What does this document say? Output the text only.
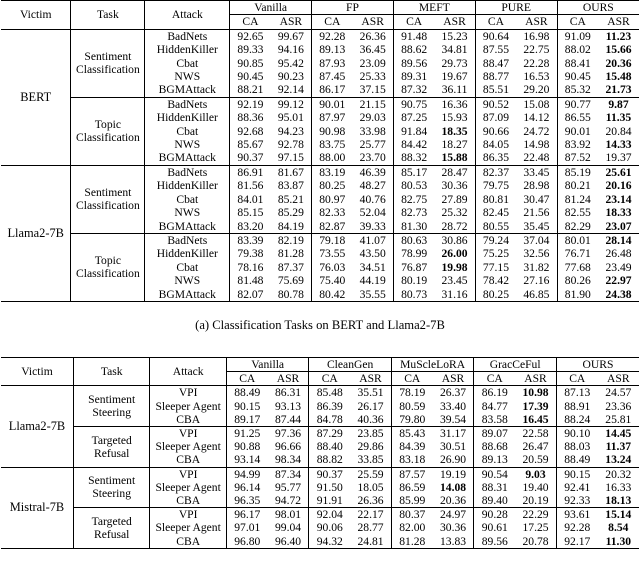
Victim	Task	Attack	Vanilla		FP		MEFT		PURE		OURS	
			CA	ASR	CA	ASR	CA	ASR	CA	ASR	CA	ASR
BERT	Sentiment
Classification	BadNets	92.65	99.67	92.28	26.36	91.48	15.23	90.64	16.98	91.09	11.23
		HiddenKiller	89.33	94.16	89.13	36.45	88.62	34.81	87.55	22.75	88.02	15.66
		Cbat	90.85	95.42	87.93	23.09	89.56	29.73	88.47	22.28	88.41	20.36
		NWS	90.45	90.23	87.45	25.33	89.31	19.67	88.77	16.53	90.45	15.48
		BGMAttack	88.21	92.14	86.17	37.15	87.32	36.11	85.51	29.20	85.32	21.73
	Topic
Classification	BadNets	92.19	99.12	90.01	21.15	90.75	16.36	90.52	15.08	90.77	9.87
		HiddenKiller	88.36	95.01	87.97	29.03	87.25	15.93	87.09	14.12	86.55	11.35
		Cbat	92.68	94.23	90.98	33.98	91.84	18.35	90.66	24.72	90.01	20.84
		NWS	85.67	92.78	83.75	25.77	84.42	18.27	84.05	14.98	83.92	14.33
		BGMAttack	90.37	97.15	88.00	23.70	88.32	15.88	86.35	22.48	87.52	19.37
Llama2-7B	Sentiment
Classification	BadNets	86.91	81.67	83.19	46.39	85.17	28.47	82.37	33.45	85.19	25.61
		HiddenKiller	81.56	83.87	80.25	48.27	80.53	30.36	79.75	28.98	80.21	20.16
		Cbat	84.01	85.21	80.97	40.76	82.75	27.89	80.81	30.47	81.24	23.14
		NWS	85.15	85.29	82.33	52.04	82.73	25.32	82.45	21.56	82.55	18.33
		BGMAttack	83.20	84.19	82.87	39.33	81.30	28.72	80.55	35.45	82.29	23.07
	Topic
Classification	BadNets	83.39	82.19	79.18	41.07	80.63	30.86	79.24	37.04	80.01	28.14
		HiddenKiller	79.38	81.28	73.55	43.50	78.99	26.00	75.25	32.56	76.71	26.48
		Cbat	78.16	87.37	76.03	34.51	76.87	19.98	77.15	31.82	77.68	23.49
		NWS	81.48	75.69	75.40	44.19	80.19	23.45	78.42	27.16	80.26	22.97
		BGMAttack	82.07	80.78	80.42	35.55	80.73	31.16	80.25	46.85	81.90	24.38
(a) Classification Tasks on BERT and Llama2-7B
Victim	Task	Attack	Vanilla		CleanGen		MuScleLoRA		GracCeFul		OURS	
			CA	ASR	CA	ASR	CA	ASR	CA	ASR	CA	ASR
Llama2-7B	Sentiment
Steering	VPI	88.49	86.31	85.48	35.51	78.19	26.37	86.19	10.98	87.13	24.57
		Sleeper Agent	90.15	93.13	86.39	26.17	80.59	33.40	84.77	17.39	88.91	23.36
		CBA	89.17	87.44	84.78	40.36	79.80	39.54	83.58	16.45	88.24	25.81
	Targeted
Refusal	VPI	91.25	97.36	87.29	23.85	85.43	31.17	89.07	22.58	90.10	14.45
		Sleeper Agent	90.88	96.66	88.40	29.86	84.39	30.51	88.68	26.47	88.03	11.37
		CBA	93.14	98.34	88.82	33.85	83.18	26.90	89.13	20.59	88.49	13.24
Mistral-7B	Sentiment
Steering	VPI	94.99	87.34	90.37	25.59	87.57	19.19	90.54	9.03	90.15	20.32
		Sleeper Agent	96.14	95.77	91.50	18.05	86.59	14.08	88.31	19.40	92.41	16.33
		CBA	96.35	94.72	91.91	26.36	85.99	20.36	89.40	20.19	92.33	18.13
	Targeted
Refusal	VPI	96.17	98.01	92.04	22.17	80.37	24.97	90.28	22.29	93.61	15.14
		Sleeper Agent	97.01	99.04	90.06	28.77	82.00	30.36	90.61	17.25	92.28	8.54
		CBA	96.80	96.40	94.32	24.81	81.28	13.83	89.56	20.78	92.17	11.30
